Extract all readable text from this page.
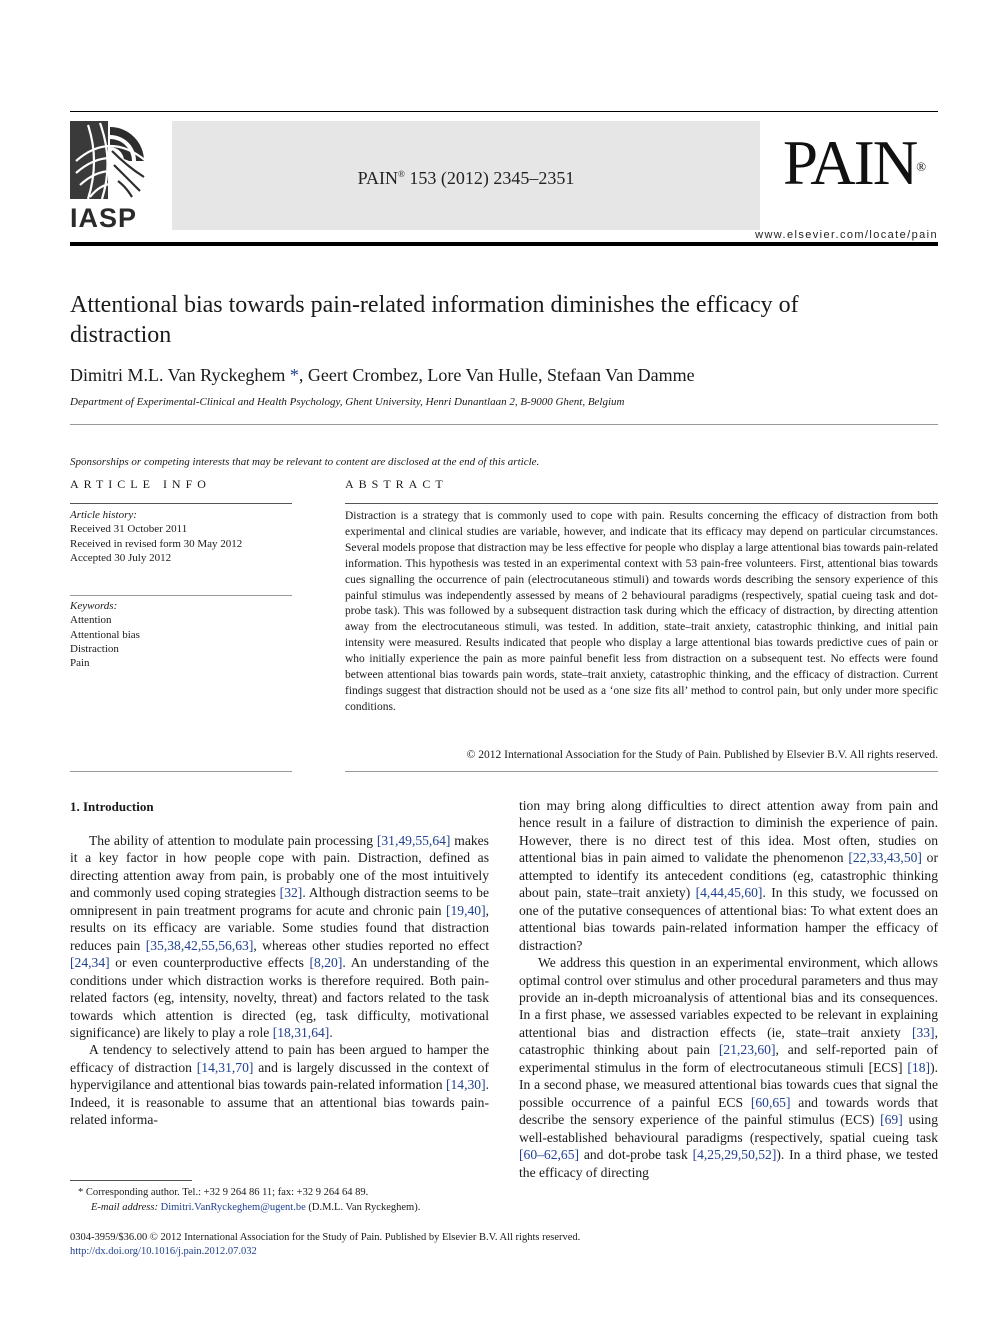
IASP
PAIN® 153 (2012) 2345–2351	PAIN®
www.elsevier.com/locate/pain
Attentional bias towards pain-related information diminishes the efficacy of distraction
Dimitri M.L. Van Ryckeghem *, Geert Crombez, Lore Van Hulle, Stefaan Van Damme
Department of Experimental-Clinical and Health Psychology, Ghent University, Henri Dunantlaan 2, B-9000 Ghent, Belgium
Sponsorships or competing interests that may be relevant to content are disclosed at the end of this article.
ARTICLE INFO
Article history:
Received 31 October 2011
Received in revised form 30 May 2012
Accepted 30 July 2012
Keywords:
Attention
Attentional bias
Distraction
Pain
ABSTRACT
Distraction is a strategy that is commonly used to cope with pain. Results concerning the efficacy of distraction from both experimental and clinical studies are variable, however, and indicate that its efficacy may depend on particular circumstances. Several models propose that distraction may be less effective for people who display a large attentional bias towards pain-related information. This hypothesis was tested in an experimental context with 53 pain-free volunteers. First, attentional bias towards cues signalling the occurrence of pain (electrocutaneous stimuli) and towards words describing the sensory experience of this painful stimulus was independently assessed by means of 2 behavioural paradigms (respectively, spatial cueing task and dot-probe task). This was followed by a subsequent distraction task during which the efficacy of distraction, by directing attention away from the electrocutaneous stimuli, was tested. In addition, state–trait anxiety, catastrophic thinking, and initial pain intensity were measured. Results indicated that people who display a large attentional bias towards predictive cues of pain or who initially experience the pain as more painful benefit less from distraction on a subsequent test. No effects were found between attentional bias towards pain words, state–trait anxiety, catastrophic thinking, and the efficacy of distraction. Current findings suggest that distraction should not be used as a ‘one size fits all’ method to control pain, but only under more specific conditions.
© 2012 International Association for the Study of Pain. Published by Elsevier B.V. All rights reserved.
1. Introduction

The ability of attention to modulate pain processing [31,49,55,64] makes it a key factor in how people cope with pain. Distraction, defined as directing attention away from pain, is probably one of the most intuitively and commonly used coping strategies [32]. Although distraction seems to be omnipresent in pain treatment programs for acute and chronic pain [19,40], results on its efficacy are variable. Some studies found that distraction reduces pain [35,38,42,55,56,63], whereas other studies reported no effect [24,34] or even counterproductive effects [8,20]. An understanding of the conditions under which distraction works is therefore required. Both pain-related factors (eg, intensity, novelty, threat) and factors related to the task towards which attention is directed (eg, task difficulty, motivational significance) are likely to play a role [18,31,64].

A tendency to selectively attend to pain has been argued to hamper the efficacy of distraction [14,31,70] and is largely discussed in the context of hypervigilance and attentional bias towards pain-related information [14,30]. Indeed, it is reasonable to assume that an attentional bias towards pain-related informa-

tion may bring along difficulties to direct attention away from pain and hence result in a failure of distraction to diminish the experience of pain. However, there is no direct test of this idea. Most often, studies on attentional bias in pain aimed to validate the phenomenon [22,33,43,50] or attempted to identify its antecedent conditions (eg, catastrophic thinking about pain, state–trait anxiety) [4,44,45,60]. In this study, we focussed on one of the putative consequences of attentional bias: To what extent does an attentional bias towards pain-related information hamper the efficacy of distraction?

We address this question in an experimental environment, which allows optimal control over stimulus and other procedural parameters and thus may provide an in-depth microanalysis of attentional bias and its consequences. In a first phase, we assessed variables expected to be relevant in explaining attentional bias and distraction effects (ie, state–trait anxiety [33], catastrophic thinking about pain [21,23,60], and self-reported pain of experimental stimulus in the form of electrocutaneous stimuli [ECS] [18]). In a second phase, we measured attentional bias towards cues that signal the possible occurrence of a painful ECS [60,65] and towards words that describe the sensory experience of the painful stimulus (ECS) [69] using well-established behavioural paradigms (respectively, spatial cueing task [60–62,65] and dot-probe task [4,25,29,50,52]). In a third phase, we tested the efficacy of directing

* Corresponding author. Tel.: +32 9 264 86 11; fax: +32 9 264 64 89.
E-mail address: Dimitri.VanRyckeghem@ugent.be (D.M.L. Van Ryckeghem).
0304-3959/$36.00 © 2012 International Association for the Study of Pain. Published by Elsevier B.V. All rights reserved.
http://dx.doi.org/10.1016/j.pain.2012.07.032
